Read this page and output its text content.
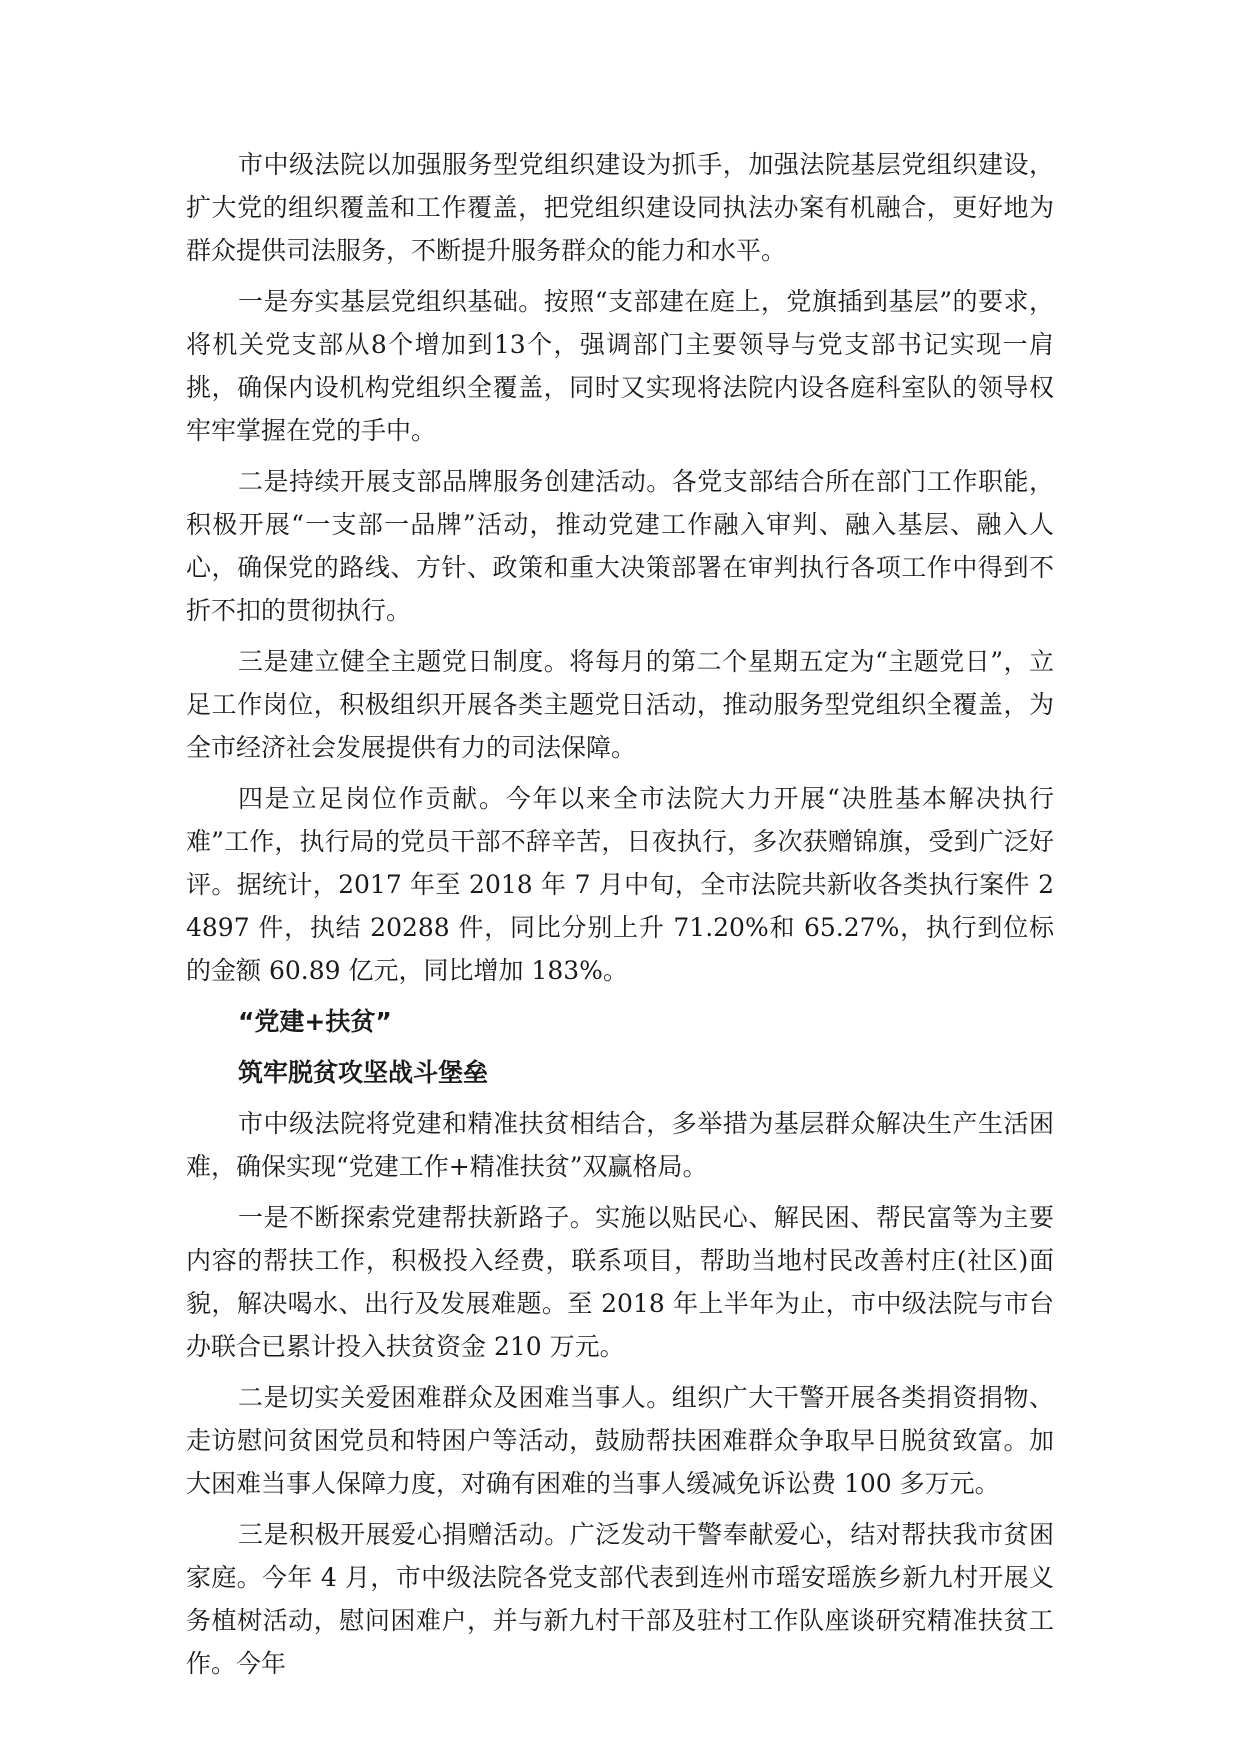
市中级法院以加强服务型党组织建设为抓手，加强法院基层党组织建设，扩大党的组织覆盖和工作覆盖，把党组织建设同执法办案有机融合，更好地为群众提供司法服务，不断提升服务群众的能力和水平。

一是夯实基层党组织基础。按照“支部建在庭上，党旗插到基层”的要求，将机关党支部从8个增加到13个，强调部门主要领导与党支部书记实现一肩挑，确保内设机构党组织全覆盖，同时又实现将法院内设各庭科室队的领导权牢牢掌握在党的手中。

二是持续开展支部品牌服务创建活动。各党支部结合所在部门工作职能，积极开展“一支部一品牌”活动，推动党建工作融入审判、融入基层、融入人心，确保党的路线、方针、政策和重大决策部署在审判执行各项工作中得到不折不扣的贯彻执行。

三是建立健全主题党日制度。将每月的第二个星期五定为“主题党日”，立足工作岗位，积极组织开展各类主题党日活动，推动服务型党组织全覆盖，为全市经济社会发展提供有力的司法保障。

四是立足岗位作贡献。今年以来全市法院大力开展“决胜基本解决执行难”工作，执行局的党员干部不辞辛苦，日夜执行，多次获赠锦旗，受到广泛好评。据统计，2017 年至 2018 年 7 月中旬，全市法院共新收各类执行案件 24897 件，执结 20288 件，同比分别上升 71.20%和 65.27%，执行到位标的金额 60.89 亿元，同比增加 183%。

“党建+扶贫”

筑牢脱贫攻坚战斗堡垒

市中级法院将党建和精准扶贫相结合，多举措为基层群众解决生产生活困难，确保实现“党建工作+精准扶贫”双赢格局。

一是不断探索党建帮扶新路子。实施以贴民心、解民困、帮民富等为主要内容的帮扶工作，积极投入经费，联系项目，帮助当地村民改善村庄(社区)面貌，解决喝水、出行及发展难题。至 2018 年上半年为止，市中级法院与市台办联合已累计投入扶贫资金 210 万元。

二是切实关爱困难群众及困难当事人。组织广大干警开展各类捐资捐物、走访慰问贫困党员和特困户等活动，鼓励帮扶困难群众争取早日脱贫致富。加大困难当事人保障力度，对确有困难的当事人缓减免诉讼费 100 多万元。

三是积极开展爱心捐赠活动。广泛发动干警奉献爱心，结对帮扶我市贫困家庭。今年 4 月，市中级法院各党支部代表到连州市瑶安瑶族乡新九村开展义务植树活动，慰问困难户，并与新九村干部及驻村工作队座谈研究精准扶贫工作。今年
